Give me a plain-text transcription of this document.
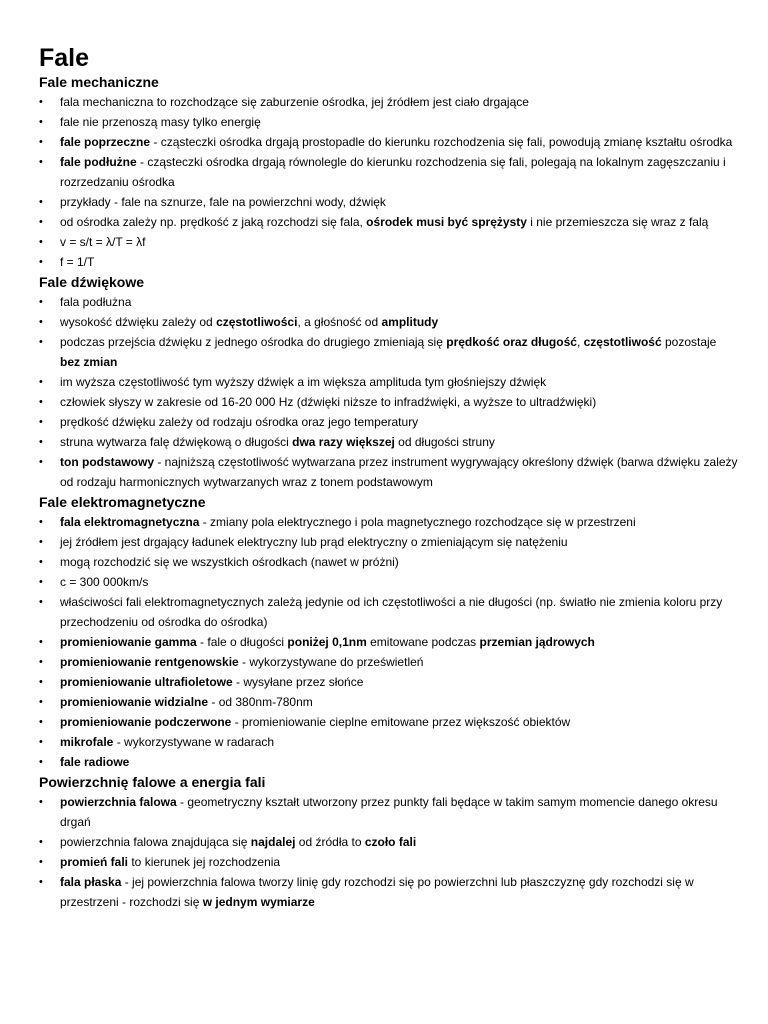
Fale
Fale mechaniczne
• fala mechaniczna to rozchodzące się zaburzenie ośrodka, jej źródłem jest ciało drgające
• fale nie przenoszą masy tylko energię
• fale poprzeczne - cząsteczki ośrodka drgają prostopadle do kierunku rozchodzenia się fali, powodują zmianę kształtu ośrodka
• fale podłużne - cząsteczki ośrodka drgają równolegle do kierunku rozchodzenia się fali, polegają na lokalnym zagęszczaniu i rozrzedzaniu ośrodka
• przykłady - fale na sznurze, fale na powierzchni wody, dźwięk
• od ośrodka zależy np. prędkość z jaką rozchodzi się fala, ośrodek musi być sprężysty i nie przemieszcza się wraz z falą
• v = s/t = λ/T = λf
• f = 1/T
Fale dźwiękowe
• fala podłużna
• wysokość dźwięku zależy od częstotliwości, a głośność od amplitudy
• podczas przejścia dźwięku z jednego ośrodka do drugiego zmieniają się prędkość oraz długość, częstotliwość pozostaje bez zmian
• im wyższa częstotliwość tym wyższy dźwięk a im większa amplituda tym głośniejszy dźwięk
• człowiek słyszy w zakresie od 16-20 000 Hz (dźwięki niższe to infradźwięki, a wyższe to ultradźwięki)
• prędkość dźwięku zależy od rodzaju ośrodka oraz jego temperatury
• struna wytwarza falę dźwiękową o długości dwa razy większej od długości struny
• ton podstawowy - najniższą częstotliwość wytwarzana przez instrument wygrywający określony dźwięk (barwa dźwięku zależy od rodzaju harmonicznych wytwarzanych wraz z tonem podstawowym
Fale elektromagnetyczne
• fala elektromagnetyczna - zmiany pola elektrycznego i pola magnetycznego rozchodzące się w przestrzeni
• jej źródłem jest drgający ładunek elektryczny lub prąd elektryczny o zmieniającym się natężeniu
• mogą rozchodzić się we wszystkich ośrodkach (nawet w próżni)
• c = 300 000km/s
• właściwości fali elektromagnetycznych zależą jedynie od ich częstotliwości a nie długości (np. światło nie zmienia koloru przy przechodzeniu od ośrodka do ośrodka)
• promieniowanie gamma - fale o długości poniżej 0,1nm emitowane podczas przemian jądrowych
• promieniowanie rentgenowskie - wykorzystywane do prześwietleń
• promieniowanie ultrafioletowe - wysyłane przez słońce
• promieniowanie widzialne - od 380nm-780nm
• promieniowanie podczerwone - promieniowanie cieplne emitowane przez większość obiektów
• mikrofale - wykorzystywane w radarach
• fale radiowe
Powierzchnię falowe a energia fali
• powierzchnia falowa - geometryczny kształt utworzony przez punkty fali będące w takim samym momencie danego okresu drgań
• powierzchnia falowa znajdująca się najdalej od źródła to czoło fali
• promień fali to kierunek jej rozchodzenia
• fala płaska - jej powierzchnia falowa tworzy linię gdy rozchodzi się po powierzchni lub płaszczyznę gdy rozchodzi się w przestrzeni - rozchodzi się w jednym wymiarze
